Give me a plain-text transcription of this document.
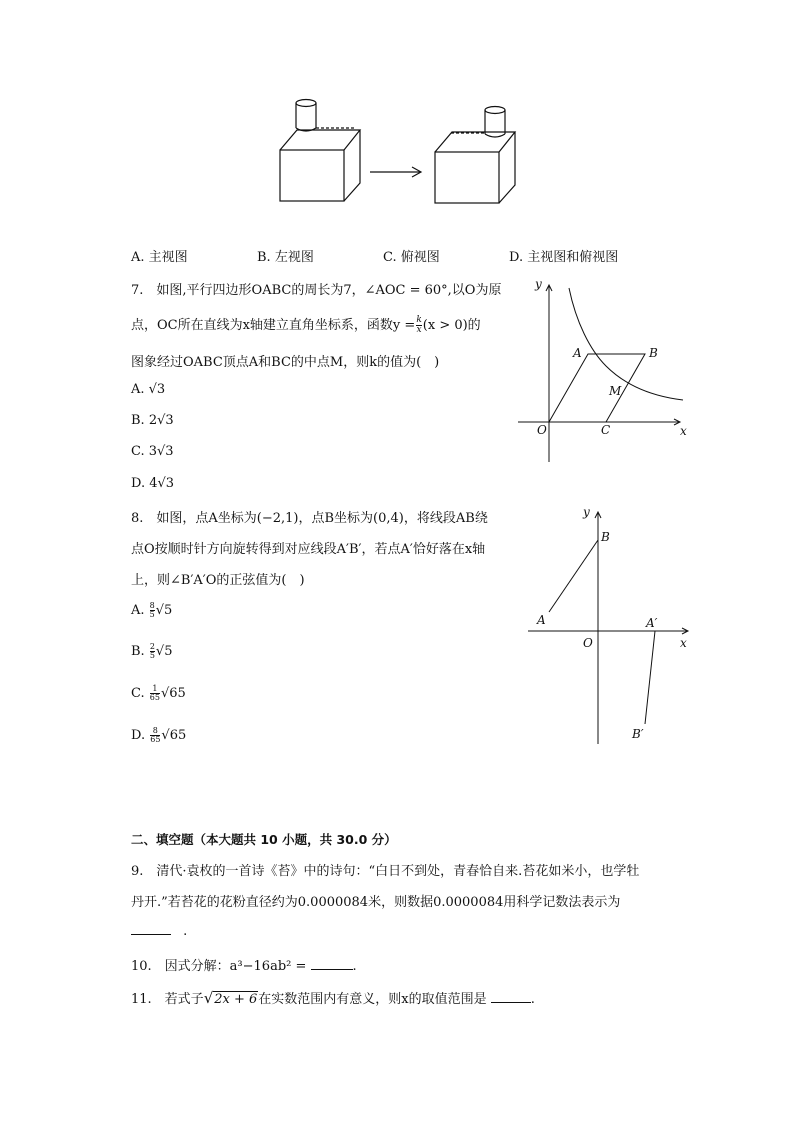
A. 主视图	B. 左视图	C. 俯视图	D. 主视图和俯视图
7.　如图,平行四边形OABC的周长为7，∠AOC = 60°,以O为原
点，OC所在直线为x轴建立直角坐标系，函数$y = \frac{k}{x} (x > 0)$的
图象经过OABC顶点A和BC的中点M，则k的值为(　)
A. √3
B. 2√3
C. 3√3
D. 4√3
y
x
O
A	B
C
M
8.　如图，点A坐标为(−2,1)，点B坐标为(0,4)，将线段AB绕
点O按顺时针方向旋转得到对应线段A′B′，若点A′恰好落在x轴
上，则∠B′A′O的正弦值为(　)
A. $\frac{8}{5} √5$
B. $\frac{2}{5} √5$
C. $\frac{1}{65} √65$
D. $\frac{8}{65} √65$
y
x
O
A
B
A′
B′
二、填空题（本大题共 10 小题，共 30.0 分）
9.　清代·袁枚的一首诗《苔》中的诗句：“白日不到处，青春恰自来.苔花如米小，也学牡
丹开.”若苔花的花粉直径约为0.0000084米，则数据0.0000084用科学记数法表示为
.
10.　因式分解：a³−16ab² =	.
11.　若式子√2x + 6在实数范围内有意义，则x的取值范围是	.
